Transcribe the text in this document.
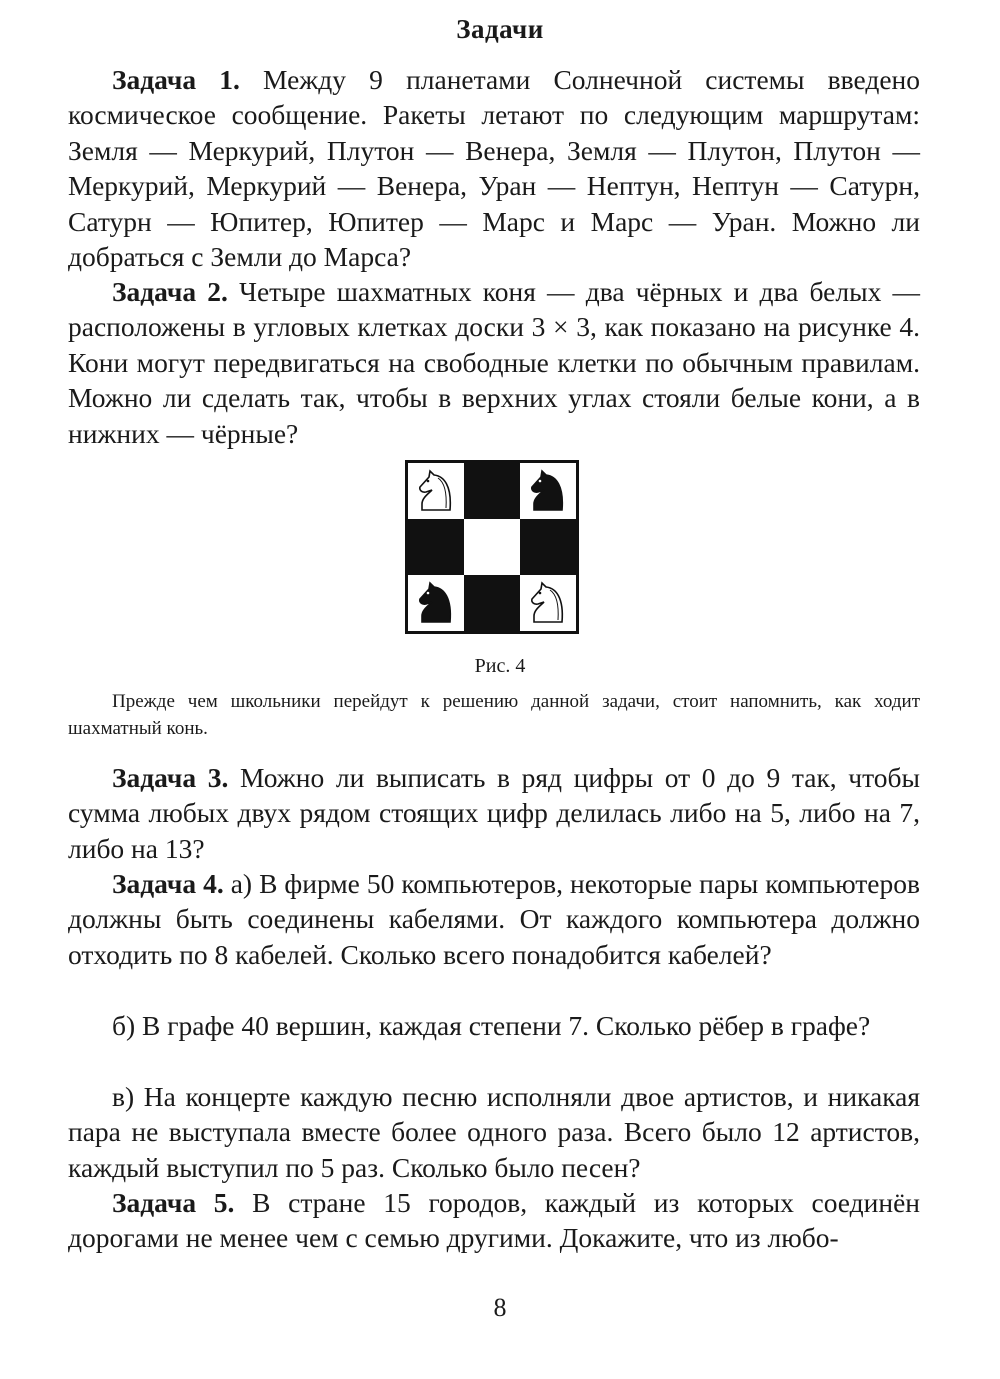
Задачи
Задача 1. Между 9 планетами Солнечной системы введено космическое сообщение. Ракеты летают по следующим маршрутам: Земля — Меркурий, Плутон — Венера, Земля — Плутон, Плутон — Меркурий, Меркурий — Венера, Уран — Нептун, Нептун — Сатурн, Сатурн — Юпитер, Юпитер — Марс и Марс — Уран. Можно ли добраться с Земли до Марса?
Задача 2. Четыре шахматных коня — два чёрных и два белых — расположены в угловых клетках доски 3 × 3, как показано на рисунке 4. Кони могут передвигаться на свободные клетки по обычным правилам. Можно ли сделать так, чтобы в верхних углах стояли белые кони, а в нижних — чёрные?
Рис. 4
Прежде чем школьники перейдут к решению данной задачи, стоит напомнить, как ходит шахматный конь.
Задача 3. Можно ли выписать в ряд цифры от 0 до 9 так, чтобы сумма любых двух рядом стоящих цифр делилась либо на 5, либо на 7, либо на 13?
Задача 4. а) В фирме 50 компьютеров, некоторые пары компьютеров должны быть соединены кабелями. От каждого компьютера должно отходить по 8 кабелей. Сколько всего понадобится кабелей?
б) В графе 40 вершин, каждая степени 7. Сколько рёбер в графе?
в) На концерте каждую песню исполняли двое артистов, и никакая пара не выступала вместе более одного раза. Всего было 12 артистов, каждый выступил по 5 раз. Сколько было песен?
Задача 5. В стране 15 городов, каждый из которых соединён дорогами не менее чем с семью другими. Докажите, что из любо-
8
